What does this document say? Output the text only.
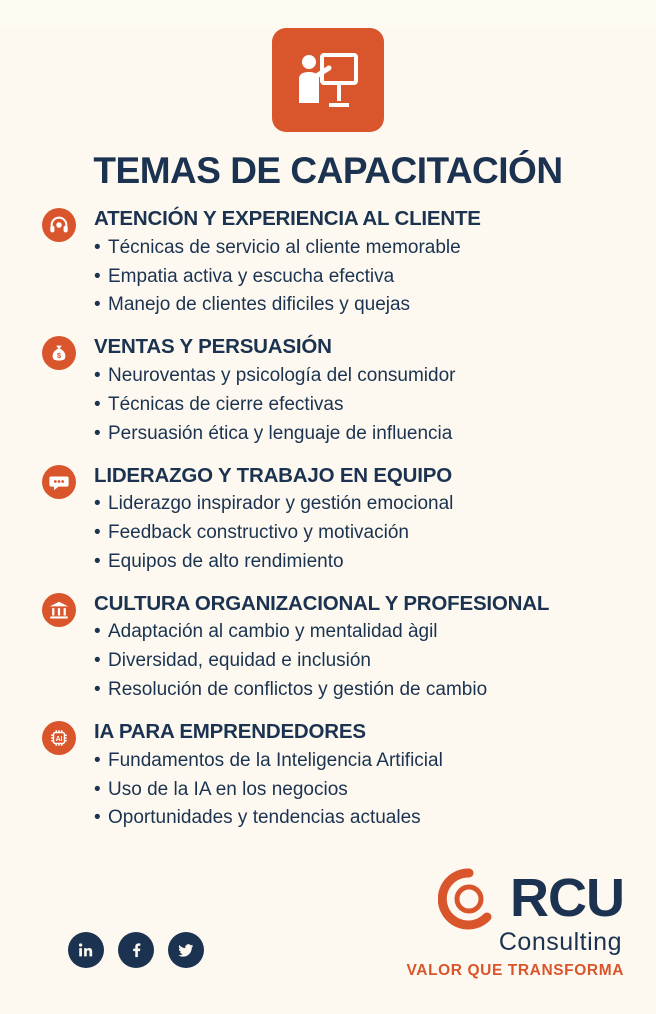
TEMAS DE CAPACITACIÓN
ATENCIÓN Y EXPERIENCIA AL CLIENTE
• Técnicas de servicio al cliente memorable
• Empatia activa y escucha efectiva
• Manejo de clientes dificiles y quejas
$ VENTAS Y PERSUASIÓN
• Neuroventas y psicología del consumidor
• Técnicas de cierre efectivas
• Persuasión ética y lenguaje de influencia
LIDERAZGO Y TRABAJO EN EQUIPO
• Liderazgo inspirador y gestión emocional
• Feedback constructivo y motivación
• Equipos de alto rendimiento
CULTURA ORGANIZACIONAL Y PROFESIONAL
• Adaptación al cambio y mentalidad àgil
• Diversidad, equidad e inclusión
• Resolución de conflictos y gestión de cambio
AI IA PARA EMPRENDEDORES
• Fundamentos de la Inteligencia Artificial
• Uso de la IA en los negocios
• Oportunidades y tendencias actuales
RCU
Consulting
VALOR QUE TRANSFORMA
